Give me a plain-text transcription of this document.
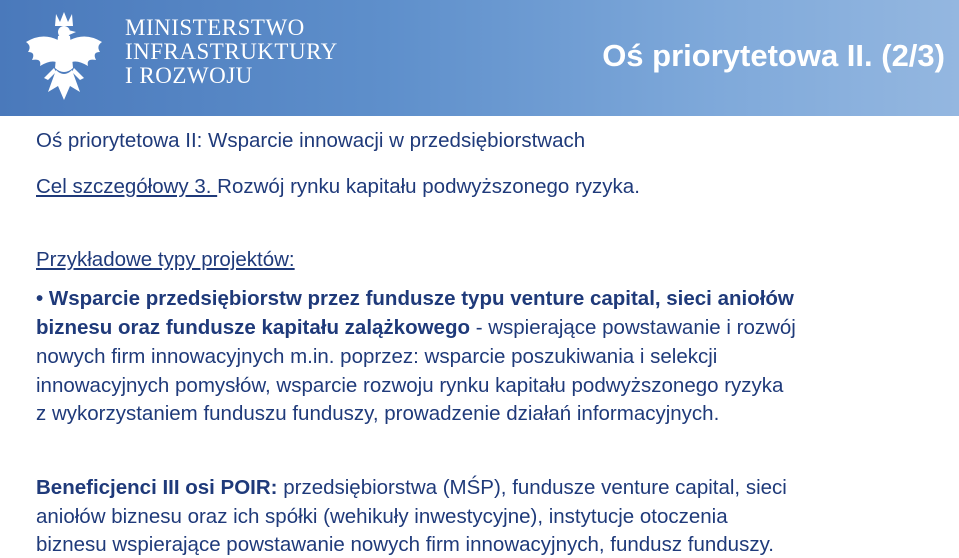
MINISTERSTWO
INFRASTRUKTURY
I ROZWOJU
Oś priorytetowa II. (2/3)
Oś priorytetowa II: Wsparcie innowacji w przedsiębiorstwach
Cel szczegółowy 3. Rozwój rynku kapitału podwyższonego ryzyka.
Przykładowe typy projektów:
• Wsparcie przedsiębiorstw przez fundusze typu venture capital, sieci aniołów
biznesu oraz fundusze kapitału zalążkowego - wspierające powstawanie i rozwój
nowych firm innowacyjnych m.in. poprzez: wsparcie poszukiwania i selekcji
innowacyjnych pomysłów, wsparcie rozwoju rynku kapitału podwyższonego ryzyka
z wykorzystaniem funduszu funduszy, prowadzenie działań informacyjnych.
Beneficjenci III osi POIR: przedsiębiorstwa (MŚP), fundusze venture capital, sieci
aniołów biznesu oraz ich spółki (wehikuły inwestycyjne), instytucje otoczenia
biznesu wspierające powstawanie nowych firm innowacyjnych, fundusz funduszy.
